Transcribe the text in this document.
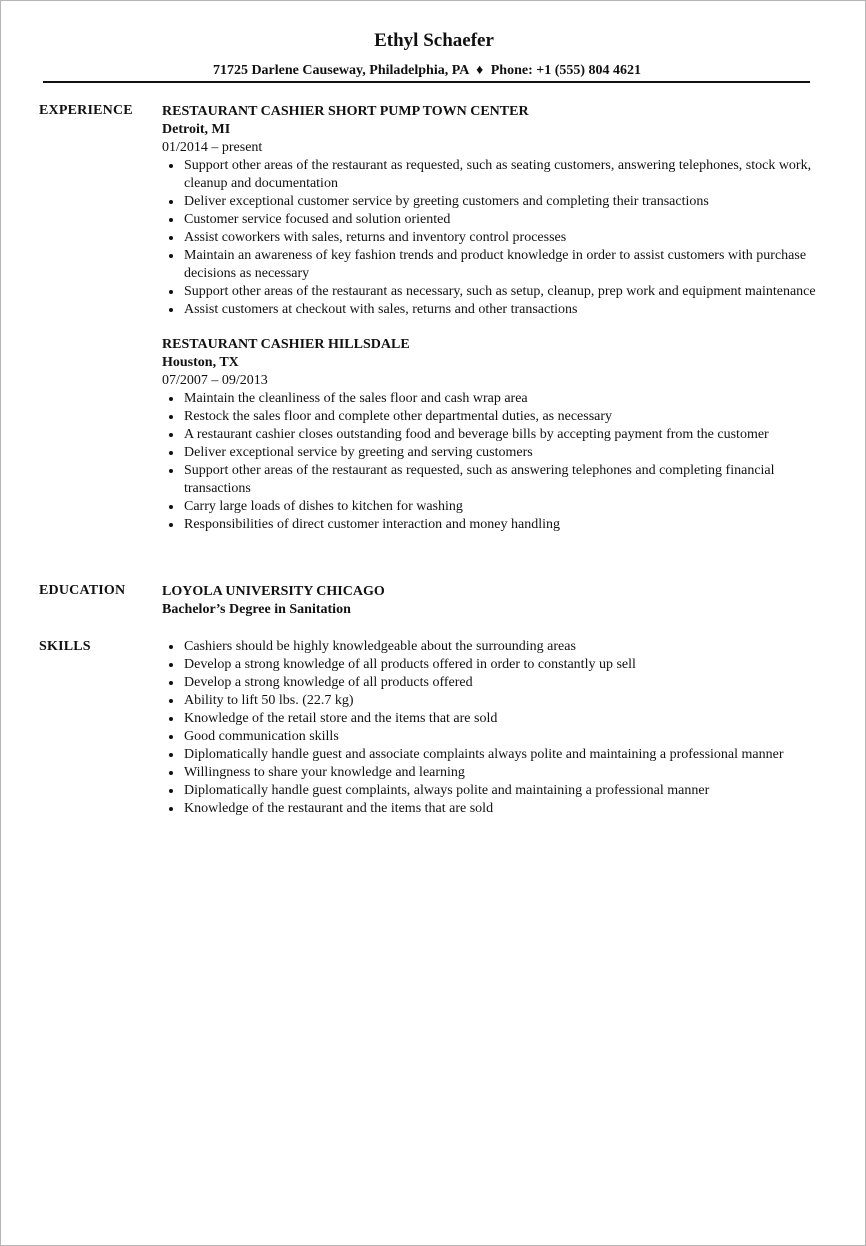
Ethyl Schaefer
71725 Darlene Causeway, Philadelphia, PA ♦ Phone: +1 (555) 804 4621
EXPERIENCE RESTAURANT CASHIER SHORT PUMP TOWN CENTER
Detroit, MI
01/2014 – present
Support other areas of the restaurant as requested, such as seating customers, answering telephones, stock work, cleanup and documentation
Deliver exceptional customer service by greeting customers and completing their transactions
Customer service focused and solution oriented
Assist coworkers with sales, returns and inventory control processes
Maintain an awareness of key fashion trends and product knowledge in order to assist customers with purchase decisions as necessary
Support other areas of the restaurant as necessary, such as setup, cleanup, prep work and equipment maintenance
Assist customers at checkout with sales, returns and other transactions
RESTAURANT CASHIER HILLSDALE
Houston, TX
07/2007 – 09/2013
Maintain the cleanliness of the sales floor and cash wrap area
Restock the sales floor and complete other departmental duties, as necessary
A restaurant cashier closes outstanding food and beverage bills by accepting payment from the customer
Deliver exceptional service by greeting and serving customers
Support other areas of the restaurant as requested, such as answering telephones and completing financial transactions
Carry large loads of dishes to kitchen for washing
Responsibilities of direct customer interaction and money handling
EDUCATION	LOYOLA UNIVERSITY CHICAGO
Bachelor’s Degree in Sanitation
SKILLS	Cashiers should be highly knowledgeable about the surrounding areas
Develop a strong knowledge of all products offered in order to constantly up sell
Develop a strong knowledge of all products offered
Ability to lift 50 lbs. (22.7 kg)
Knowledge of the retail store and the items that are sold
Good communication skills
Diplomatically handle guest and associate complaints always polite and maintaining a professional manner
Willingness to share your knowledge and learning
Diplomatically handle guest complaints, always polite and maintaining a professional manner
Knowledge of the restaurant and the items that are sold
